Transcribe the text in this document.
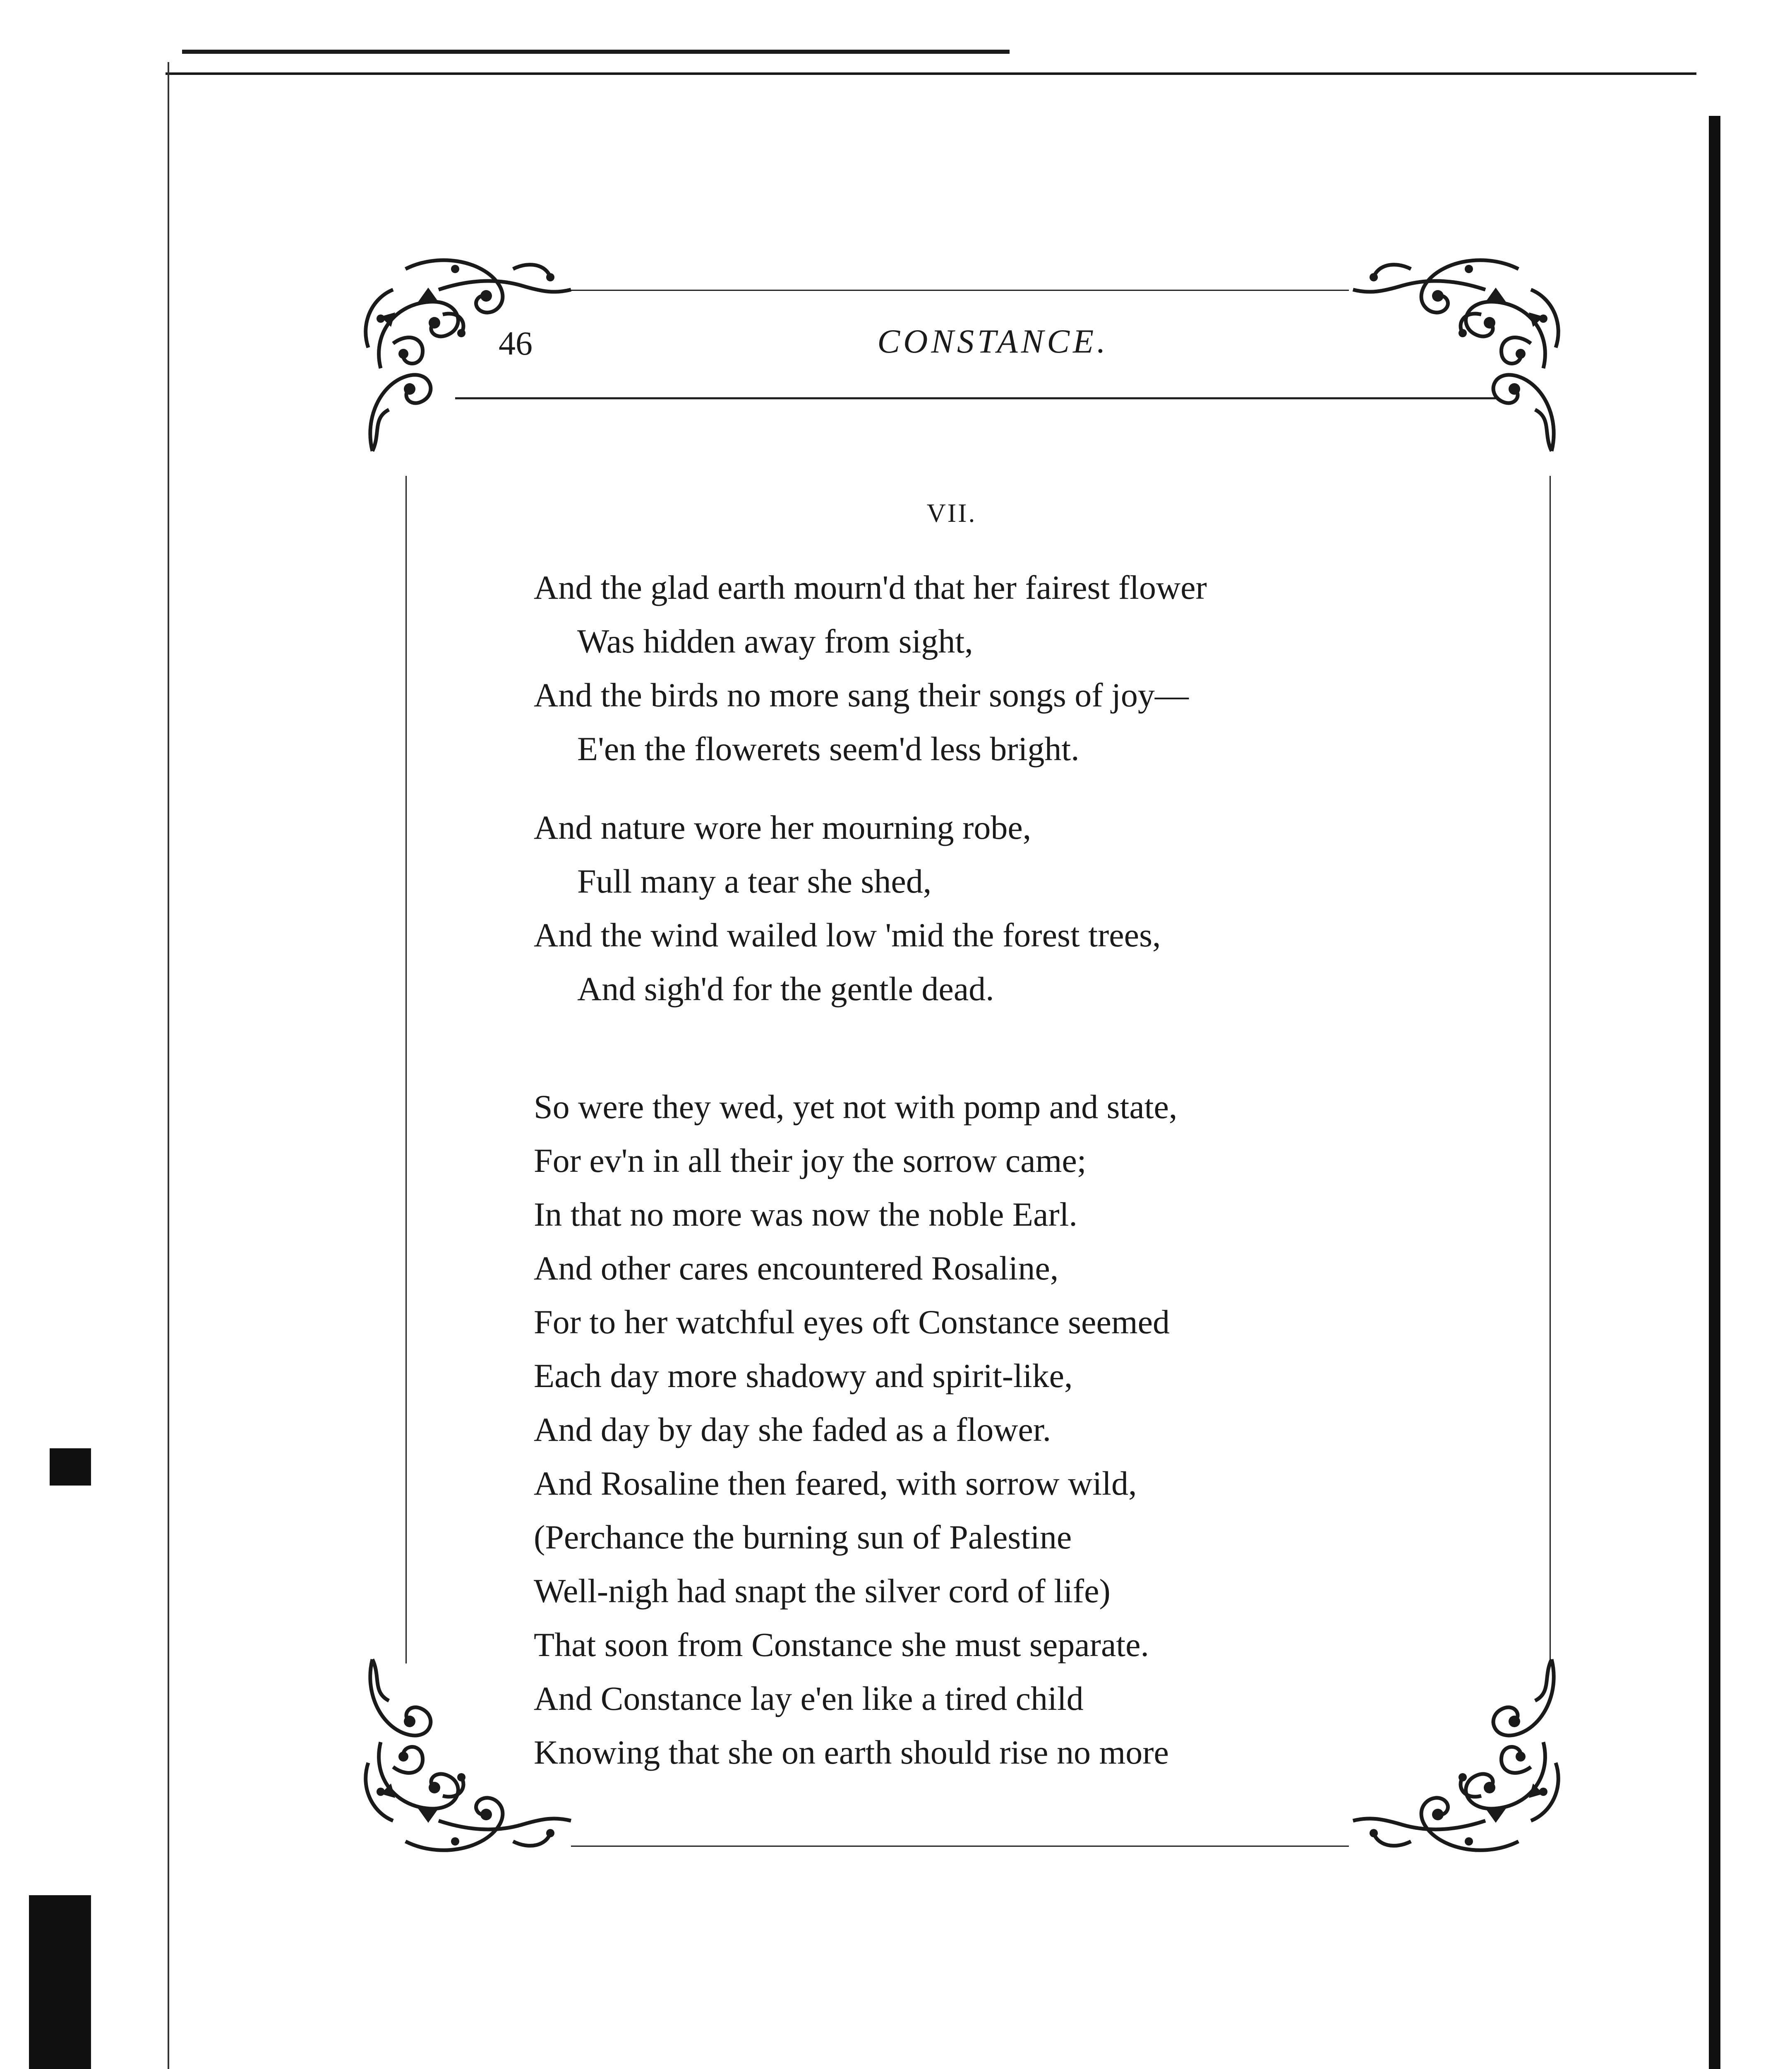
46	CONSTANCE.
VII.
And the glad earth mourn'd that her fairest flower
Was hidden away from sight,
And the birds no more sang their songs of joy—
E'en the flowerets seem'd less bright.
And nature wore her mourning robe,
Full many a tear she shed,
And the wind wailed low 'mid the forest trees,
And sigh'd for the gentle dead.
So were they wed, yet not with pomp and state,
For ev'n in all their joy the sorrow came;
In that no more was now the noble Earl.
And other cares encountered Rosaline,
For to her watchful eyes oft Constance seemed
Each day more shadowy and spirit-like,
And day by day she faded as a flower.
And Rosaline then feared, with sorrow wild,
(Perchance the burning sun of Palestine
Well-nigh had snapt the silver cord of life)
That soon from Constance she must separate.
And Constance lay e'en like a tired child
Knowing that she on earth should rise no more
